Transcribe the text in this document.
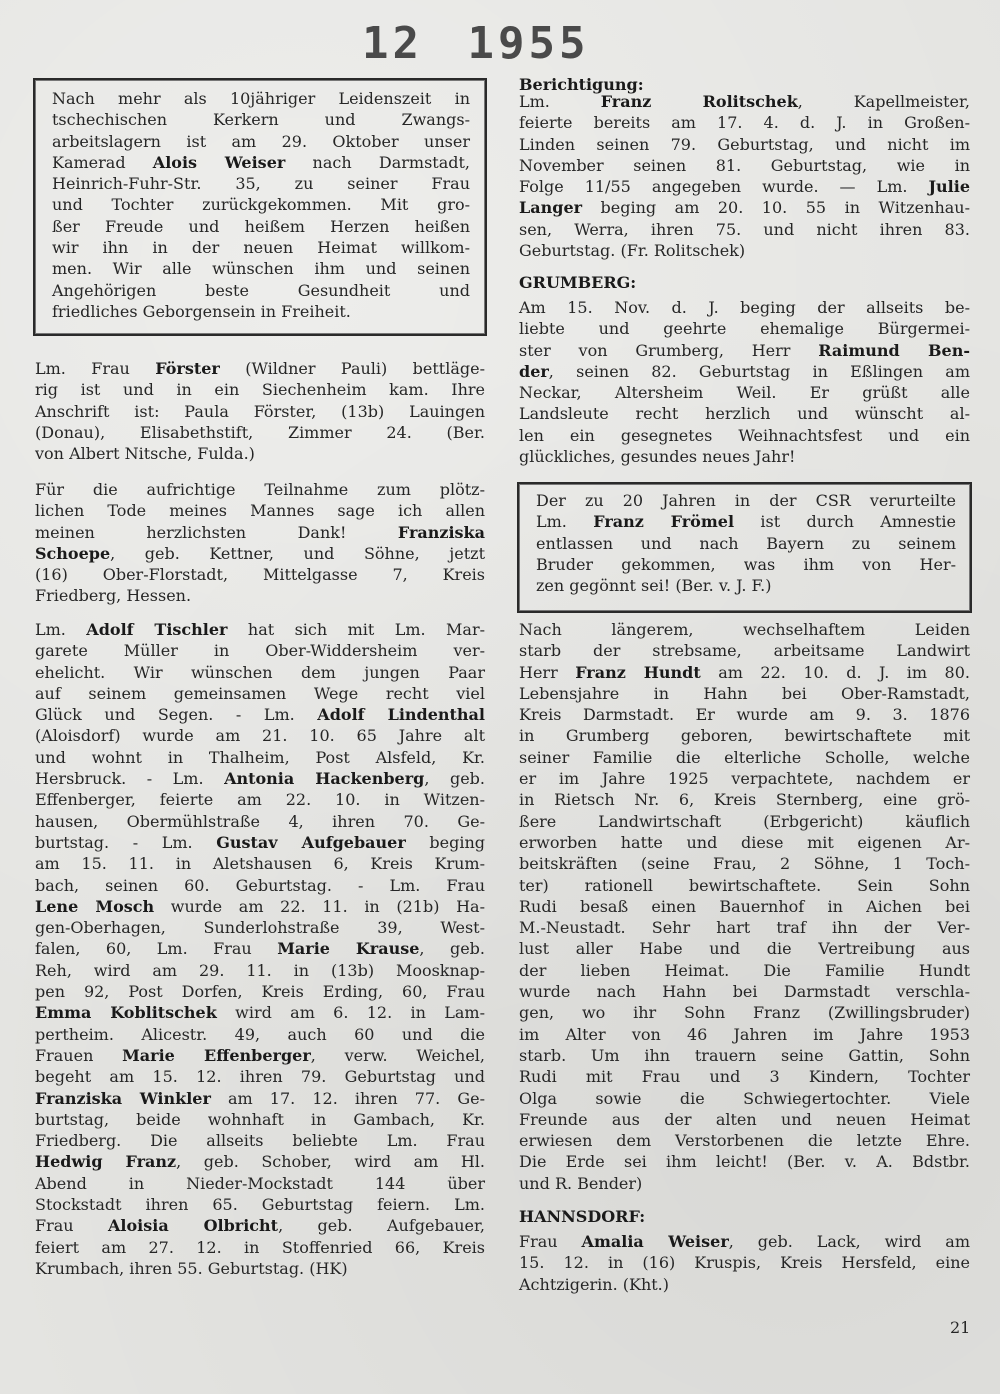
12 1955
Nach mehr als 10jähriger Leidenszeit in
tschechischen Kerkern und Zwangs-
arbeitslagern ist am 29. Oktober unser
Kamerad Alois Weiser nach Darmstadt,
Heinrich-Fuhr-Str. 35, zu seiner Frau
und Tochter zurückgekommen. Mit gro-
ßer Freude und heißem Herzen heißen
wir ihn in der neuen Heimat willkom-
men. Wir alle wünschen ihm und seinen
Angehörigen beste Gesundheit und
friedliches Geborgensein in Freiheit.
Lm. Frau Förster (Wildner Pauli) bettläge-
rig ist und in ein Siechenheim kam. Ihre
Anschrift ist: Paula Förster, (13b) Lauingen
(Donau), Elisabethstift, Zimmer 24. (Ber.
von Albert Nitsche, Fulda.)
Für die aufrichtige Teilnahme zum plötz-
lichen Tode meines Mannes sage ich allen
meinen herzlichsten Dank! Franziska
Schoepe, geb. Kettner, und Söhne, jetzt
(16) Ober-Florstadt, Mittelgasse 7, Kreis
Friedberg, Hessen.
Lm. Adolf Tischler hat sich mit Lm. Mar-
garete Müller in Ober-Widdersheim ver-
ehelicht. Wir wünschen dem jungen Paar
auf seinem gemeinsamen Wege recht viel
Glück und Segen. - Lm. Adolf Lindenthal
(Aloisdorf) wurde am 21. 10. 65 Jahre alt
und wohnt in Thalheim, Post Alsfeld, Kr.
Hersbruck. - Lm. Antonia Hackenberg, geb.
Effenberger, feierte am 22. 10. in Witzen-
hausen, Obermühlstraße 4, ihren 70. Ge-
burtstag. - Lm. Gustav Aufgebauer beging
am 15. 11. in Aletshausen 6, Kreis Krum-
bach, seinen 60. Geburtstag. - Lm. Frau
Lene Mosch wurde am 22. 11. in (21b) Ha-
gen-Oberhagen, Sunderlohstraße 39, West-
falen, 60, Lm. Frau Marie Krause, geb.
Reh, wird am 29. 11. in (13b) Moosknap-
pen 92, Post Dorfen, Kreis Erding, 60, Frau
Emma Koblitschek wird am 6. 12. in Lam-
pertheim. Alicestr. 49, auch 60 und die
Frauen Marie Effenberger, verw. Weichel,
begeht am 15. 12. ihren 79. Geburtstag und
Franziska Winkler am 17. 12. ihren 77. Ge-
burtstag, beide wohnhaft in Gambach, Kr.
Friedberg. Die allseits beliebte Lm. Frau
Hedwig Franz, geb. Schober, wird am Hl.
Abend in Nieder-Mockstadt 144 über
Stockstadt ihren 65. Geburtstag feiern. Lm.
Frau Aloisia Olbricht, geb. Aufgebauer,
feiert am 27. 12. in Stoffenried 66, Kreis
Krumbach, ihren 55. Geburtstag. (HK)
Berichtigung:
Lm. Franz Rolitschek, Kapellmeister,
feierte bereits am 17. 4. d. J. in Großen-
Linden seinen 79. Geburtstag, und nicht im
November seinen 81. Geburtstag, wie in
Folge 11/55 angegeben wurde. — Lm. Julie
Langer beging am 20. 10. 55 in Witzenhau-
sen, Werra, ihren 75. und nicht ihren 83.
Geburtstag. (Fr. Rolitschek)
GRUMBERG:
Am 15. Nov. d. J. beging der allseits be-
liebte und geehrte ehemalige Bürgermei-
ster von Grumberg, Herr Raimund Ben-
der, seinen 82. Geburtstag in Eßlingen am
Neckar, Altersheim Weil. Er grüßt alle
Landsleute recht herzlich und wünscht al-
len ein gesegnetes Weihnachtsfest und ein
glückliches, gesundes neues Jahr!
Der zu 20 Jahren in der CSR verurteilte
Lm. Franz Frömel ist durch Amnestie
entlassen und nach Bayern zu seinem
Bruder gekommen, was ihm von Her-
zen gegönnt sei! (Ber. v. J. F.)
Nach längerem, wechselhaftem Leiden
starb der strebsame, arbeitsame Landwirt
Herr Franz Hundt am 22. 10. d. J. im 80.
Lebensjahre in Hahn bei Ober-Ramstadt,
Kreis Darmstadt. Er wurde am 9. 3. 1876
in Grumberg geboren, bewirtschaftete mit
seiner Familie die elterliche Scholle, welche
er im Jahre 1925 verpachtete, nachdem er
in Rietsch Nr. 6, Kreis Sternberg, eine grö-
ßere Landwirtschaft (Erbgericht) käuflich
erworben hatte und diese mit eigenen Ar-
beitskräften (seine Frau, 2 Söhne, 1 Toch-
ter) rationell bewirtschaftete. Sein Sohn
Rudi besaß einen Bauernhof in Aichen bei
M.-Neustadt. Sehr hart traf ihn der Ver-
lust aller Habe und die Vertreibung aus
der lieben Heimat. Die Familie Hundt
wurde nach Hahn bei Darmstadt verschla-
gen, wo ihr Sohn Franz (Zwillingsbruder)
im Alter von 46 Jahren im Jahre 1953
starb. Um ihn trauern seine Gattin, Sohn
Rudi mit Frau und 3 Kindern, Tochter
Olga sowie die Schwiegertochter. Viele
Freunde aus der alten und neuen Heimat
erwiesen dem Verstorbenen die letzte Ehre.
Die Erde sei ihm leicht! (Ber. v. A. Bdstbr.
und R. Bender)
HANNSDORF:
Frau Amalia Weiser, geb. Lack, wird am
15. 12. in (16) Kruspis, Kreis Hersfeld, eine
Achtzigerin. (Kht.)
21
